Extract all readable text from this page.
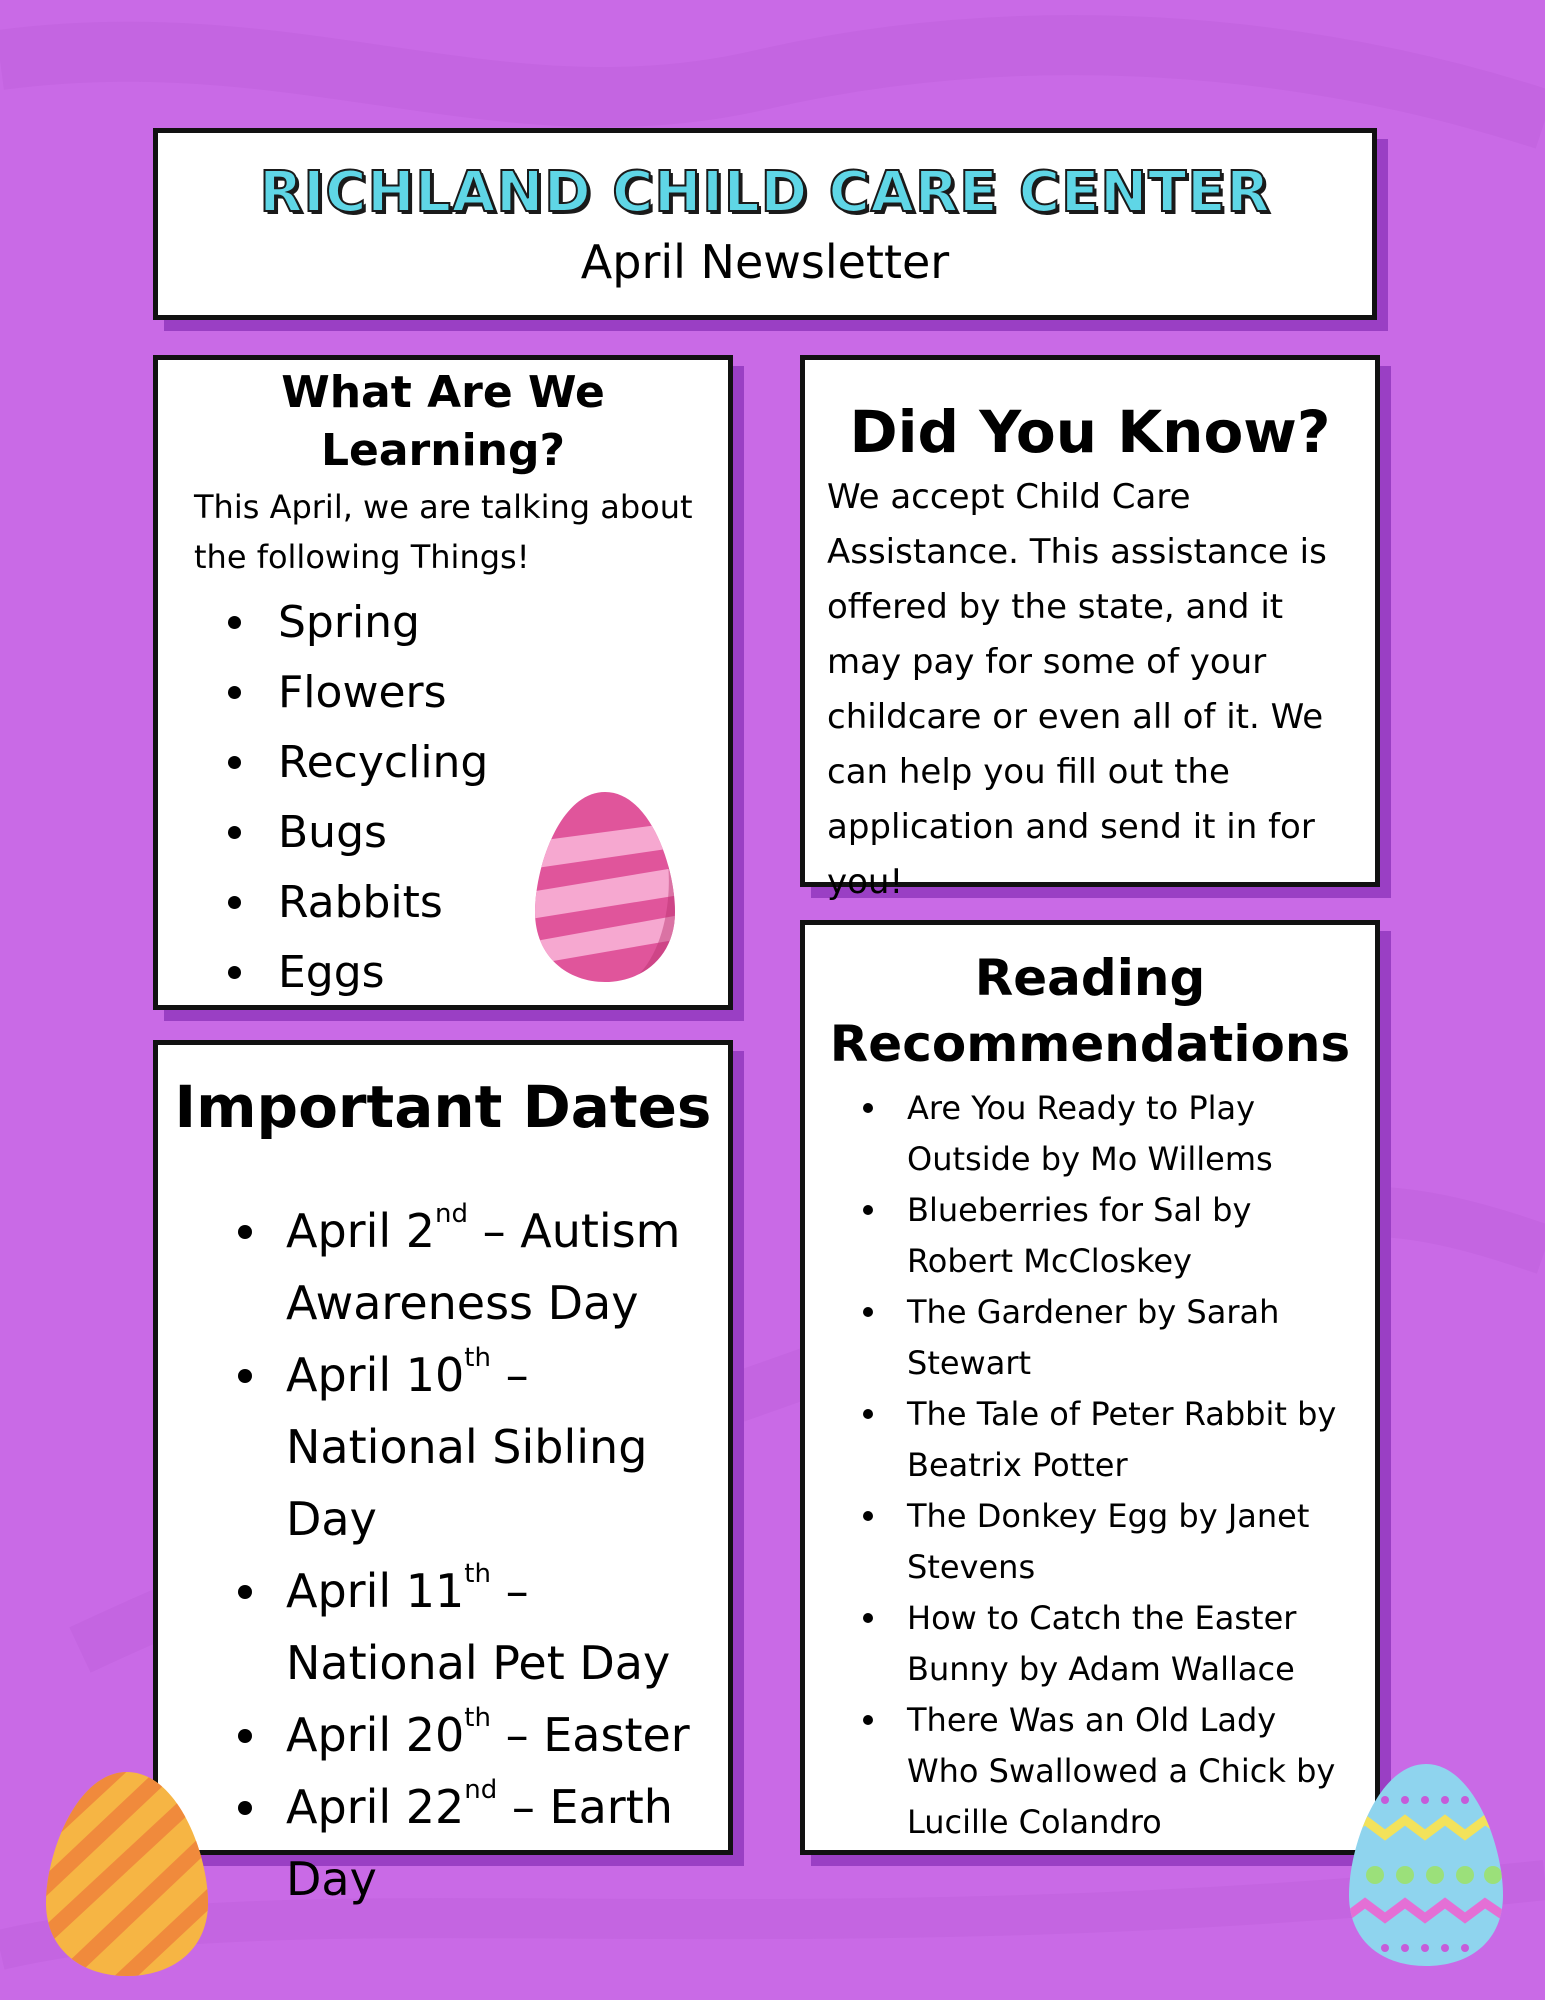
RICHLAND CHILD CARE CENTER
April Newsletter
What Are We Learning?
This April, we are talking about the following Things!
Spring
Flowers
Recycling
Bugs
Rabbits
Eggs
Did You Know?
We accept Child Care Assistance. This assistance is offered by the state, and it may pay for some of your childcare or even all of it. We can help you fill out the application and send it in for you!
Important Dates
April 2nd – Autism Awareness Day
April 10th – National Sibling Day
April 11th – National Pet Day
April 20th – Easter
April 22nd – Earth Day
Reading Recommendations
Are You Ready to Play Outside by Mo Willems
Blueberries for Sal by Robert McCloskey
The Gardener by Sarah Stewart
The Tale of Peter Rabbit by Beatrix Potter
The Donkey Egg by Janet Stevens
How to Catch the Easter Bunny by Adam Wallace
There Was an Old Lady Who Swallowed a Chick by Lucille Colandro
